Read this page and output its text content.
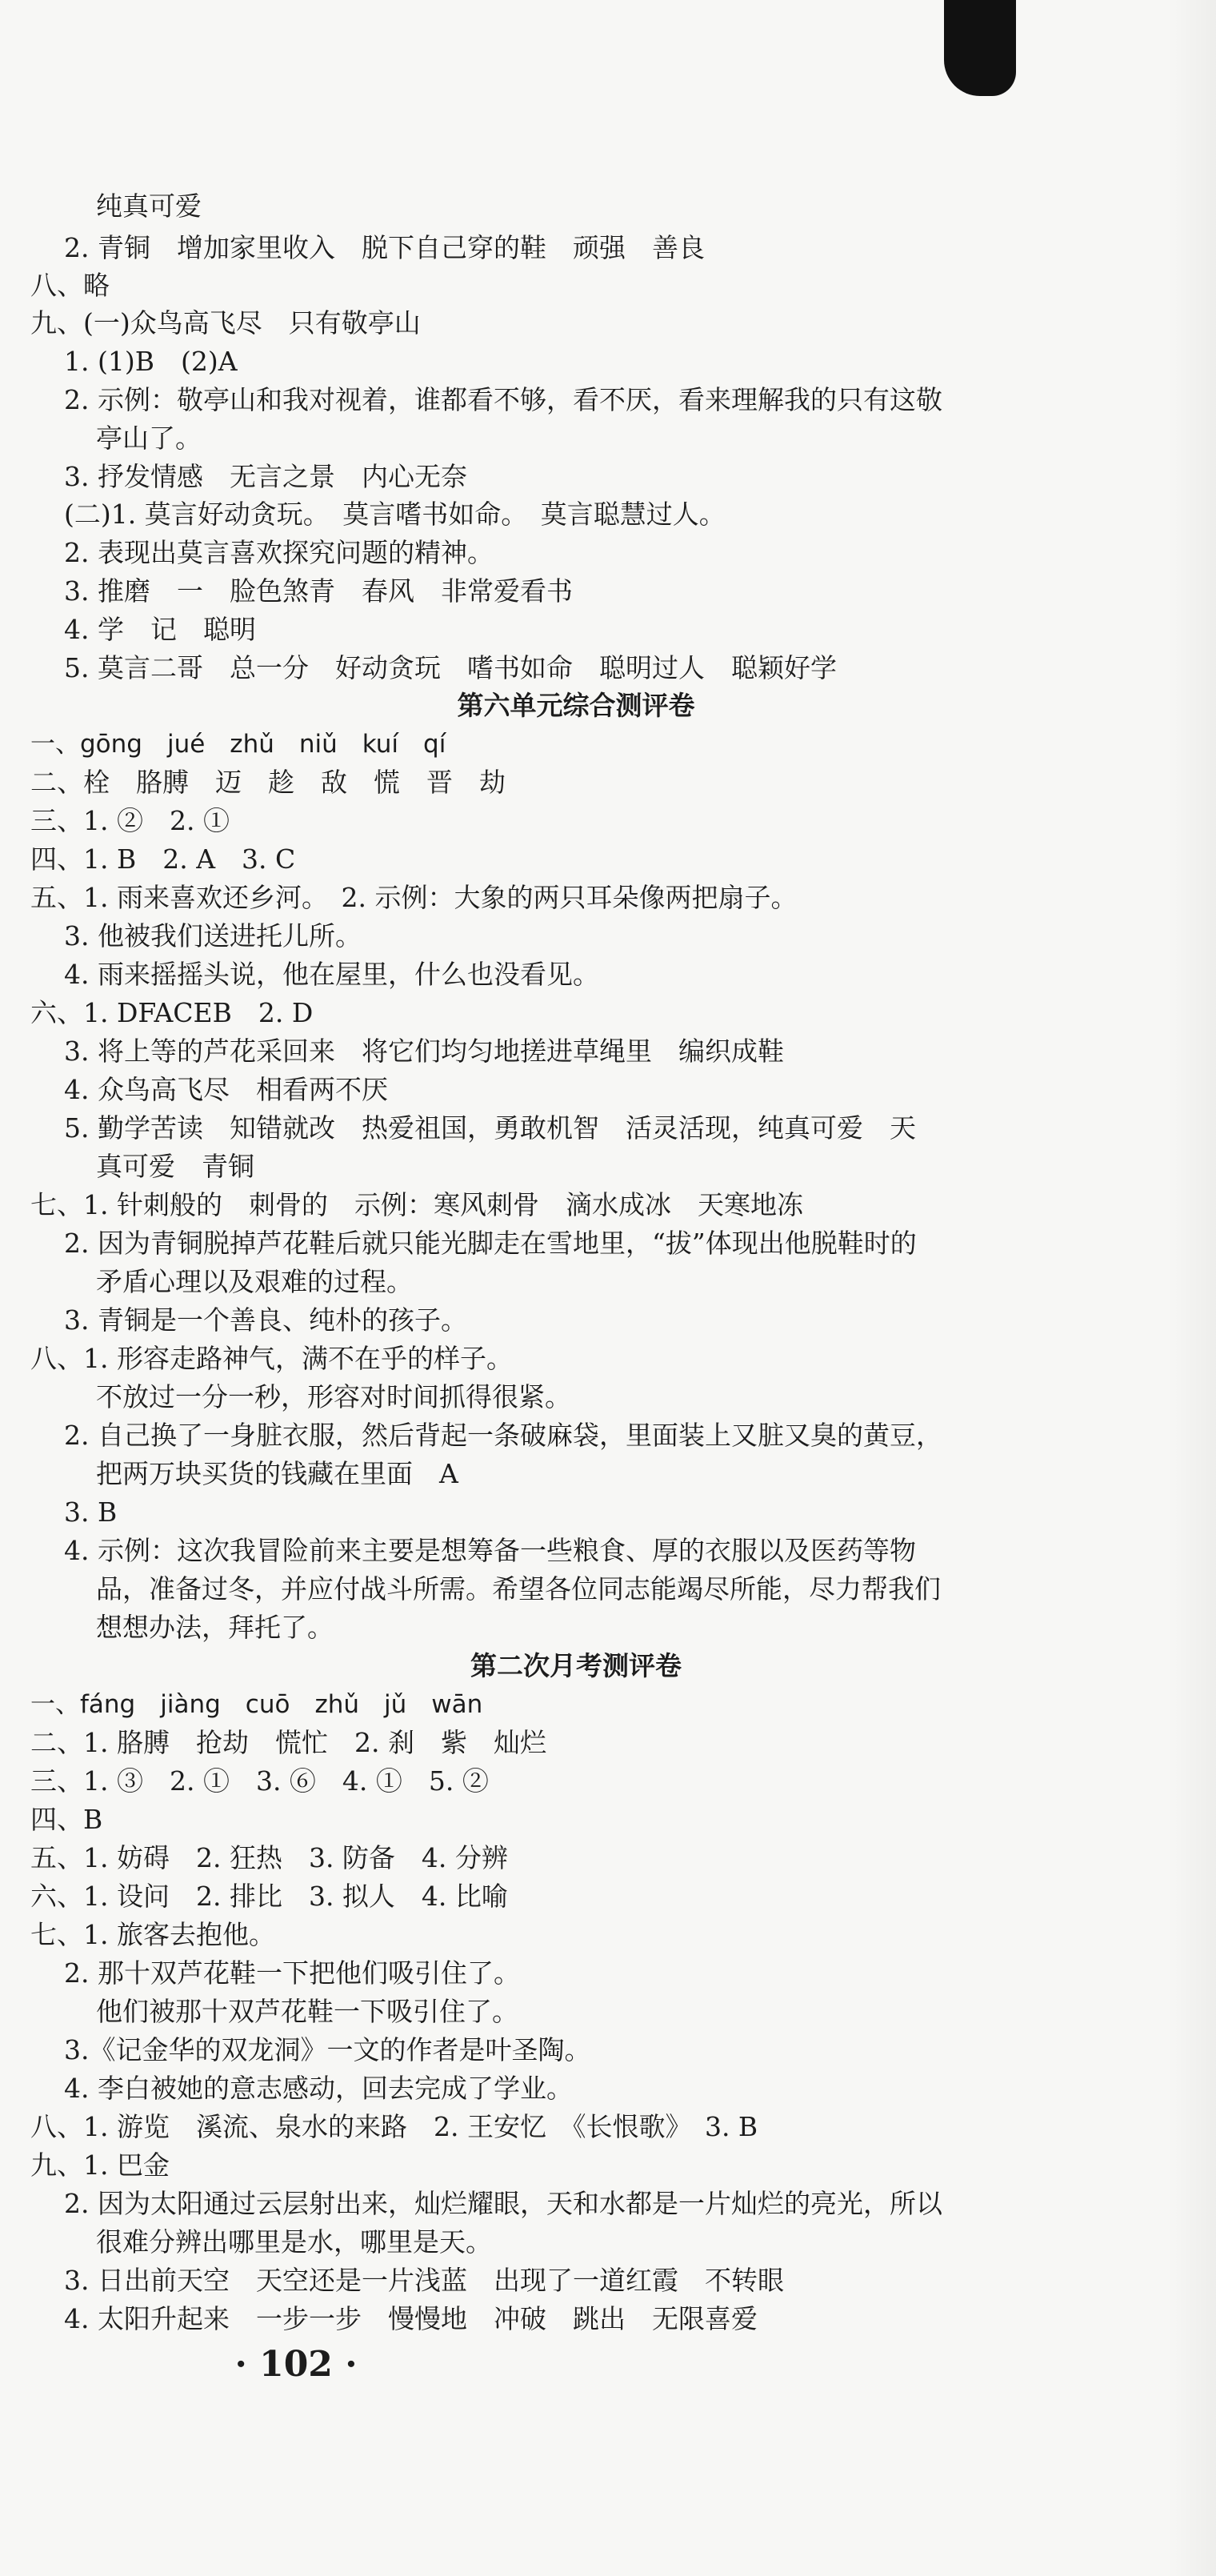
纯真可爱
2. 青铜　增加家里收入　脱下自己穿的鞋　顽强　善良
八、略
九、(一)众鸟高飞尽　只有敬亭山
1. (1)B　(2)A
2. 示例：敬亭山和我对视着，谁都看不够，看不厌，看来理解我的只有这敬
亭山了。
3. 抒发情感　无言之景　内心无奈
(二)1. 莫言好动贪玩。　莫言嗜书如命。　莫言聪慧过人。
2. 表现出莫言喜欢探究问题的精神。
3. 推磨　一　脸色煞青　春风　非常爱看书
4. 学　记　聪明
5. 莫言二哥　总一分　好动贪玩　嗜书如命　聪明过人　聪颖好学
第六单元综合测评卷
一、gōng　jué　zhǔ　niǔ　kuí　qí
二、栓　胳膊　迈　趁　敌　慌　晋　劫
三、1. ②　2. ①
四、1. B　2. A　3. C
五、1. 雨来喜欢还乡河。　2. 示例：大象的两只耳朵像两把扇子。
3. 他被我们送进托儿所。
4. 雨来摇摇头说，他在屋里，什么也没看见。
六、1. DFACEB　2. D
3. 将上等的芦花采回来　将它们均匀地搓进草绳里　编织成鞋
4. 众鸟高飞尽　相看两不厌
5. 勤学苦读　知错就改　热爱祖国，勇敢机智　活灵活现，纯真可爱　天
真可爱　青铜
七、1. 针刺般的　刺骨的　示例：寒风刺骨　滴水成冰　天寒地冻
2. 因为青铜脱掉芦花鞋后就只能光脚走在雪地里，“拔”体现出他脱鞋时的
矛盾心理以及艰难的过程。
3. 青铜是一个善良、纯朴的孩子。
八、1. 形容走路神气，满不在乎的样子。
不放过一分一秒，形容对时间抓得很紧。
2. 自己换了一身脏衣服，然后背起一条破麻袋，里面装上又脏又臭的黄豆，
把两万块买货的钱藏在里面　A
3. B
4. 示例：这次我冒险前来主要是想筹备一些粮食、厚的衣服以及医药等物
品，准备过冬，并应付战斗所需。希望各位同志能竭尽所能，尽力帮我们
想想办法，拜托了。
第二次月考测评卷
一、fáng　jiàng　cuō　zhǔ　jǔ　wān
二、1. 胳膊　抢劫　慌忙　2. 刹　紫　灿烂
三、1. ③　2. ①　3. ⑥　4. ①　5. ②
四、B
五、1. 妨碍　2. 狂热　3. 防备　4. 分辨
六、1. 设问　2. 排比　3. 拟人　4. 比喻
七、1. 旅客去抱他。
2. 那十双芦花鞋一下把他们吸引住了。
他们被那十双芦花鞋一下吸引住了。
3.《记金华的双龙洞》一文的作者是叶圣陶。
4. 李白被她的意志感动，回去完成了学业。
八、1. 游览　溪流、泉水的来路　2. 王安忆　《长恨歌》　3. B
九、1. 巴金
2. 因为太阳通过云层射出来，灿烂耀眼，天和水都是一片灿烂的亮光，所以
很难分辨出哪里是水，哪里是天。
3. 日出前天空　天空还是一片浅蓝　出现了一道红霞　不转眼
4. 太阳升起来　一步一步　慢慢地　冲破　跳出　无限喜爱
· 102 ·
